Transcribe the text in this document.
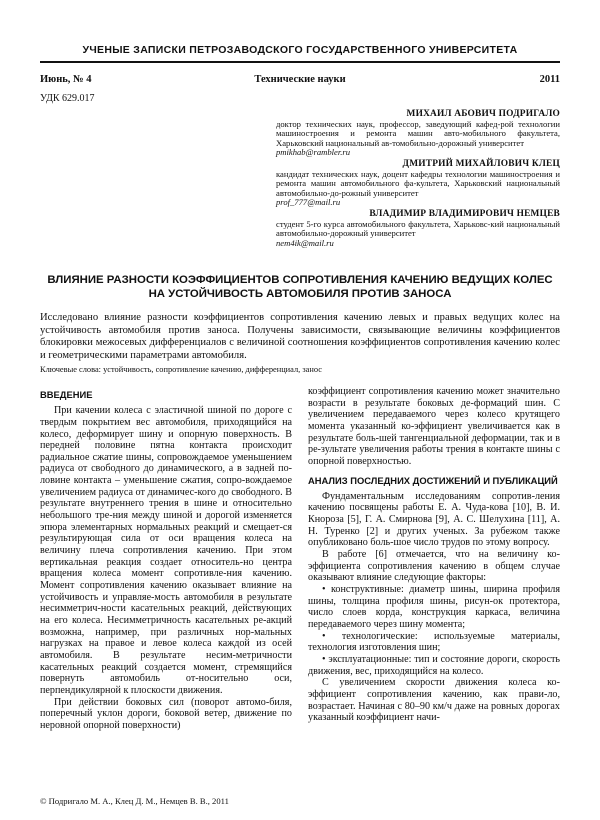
УЧЕНЫЕ ЗАПИСКИ ПЕТРОЗАВОДСКОГО ГОСУДАРСТВЕННОГО УНИВЕРСИТЕТА
Июнь, № 4	Технические науки	2011
УДК 629.017
МИХАИЛ АБОВИЧ ПОДРИГАЛО
доктор технических наук, профессор, заведующий кафед-рой технологии машиностроения и ремонта машин авто-мобильного факультета, Харьковский национальный ав-томобильно-дорожный университет
pmikhab@rambler.ru
ДМИТРИЙ МИХАЙЛОВИЧ КЛЕЦ
кандидат технических наук, доцент кафедры технологии машиностроения и ремонта машин автомобильного фа-культета, Харьковский национальный автомобильно-до-рожный университет
prof_777@mail.ru
ВЛАДИМИР ВЛАДИМИРОВИЧ НЕМЦЕВ
студент 5-го курса автомобильного факультета, Харьковс-кий национальный автомобильно-дорожный университет
nem4ik@mail.ru
ВЛИЯНИЕ РАЗНОСТИ КОЭФФИЦИЕНТОВ СОПРОТИВЛЕНИЯ КАЧЕНИЮ ВЕДУЩИХ КОЛЕС НА УСТОЙЧИВОСТЬ АВТОМОБИЛЯ ПРОТИВ ЗАНОСА
Исследовано влияние разности коэффициентов сопротивления качению левых и правых ведущих колес на устойчивость автомобиля против заноса. Получены зависимости, связывающие величины коэффициентов блокировки межосевых дифференциалов с величиной соотношения коэффициентов сопротивления качению колес и геометрическими параметрами автомобиля.
Ключевые слова: устойчивость, сопротивление качению, дифференциал, занос

ВВЕДЕНИЕ

При качении колеса с эластичной шиной по дороге с твердым покрытием вес автомобиля, приходящийся на колесо, деформирует шину и опорную поверхность. В передней половине пятна контакта происходит радиальное сжатие шины, сопровождаемое уменьшением радиуса от свободного до динамического, а в задней по-ловине контакта – уменьшение сжатия, сопро-вождаемое увеличением радиуса от динамичес-кого до свободного. В результате внутреннего трения в шине и относительно небольшого тре-ния между шиной и дорогой изменяется эпюра элементарных нормальных реакций и смещает-ся результирующая сила от оси вращения колеса на величину плеча сопротивления качению. При этом вертикальная реакция создает относитель-но центра вращения колеса момент сопротивле-ния качению. Момент сопротивления качению оказывает влияние на устойчивость и управляе-мость автомобиля в результате несимметрич-ности касательных реакций, действующих на его колеса. Несимметричность касательных ре-акций возможна, например, при различных нор-мальных нагрузках на правое и левое колеса каждой из осей автомобиля. В результате несим-метричности касательных реакций создается момент, стремящийся повернуть автомобиль от-носительно оси, перпендикулярной к плоскости движения.

При действии боковых сил (поворот автомо-биля, поперечный уклон дороги, боковой ветер, движение по неровной опорной поверхности)

коэффициент сопротивления качению может значительно возрасти в результате боковых де-формаций шин. С увеличением передаваемого через колесо крутящего момента указанный ко-эффициент увеличивается как в результате боль-шей тангенциальной деформации, так и в ре-зультате увеличения работы трения в контакте шины с опорной поверхностью.

АНАЛИЗ ПОСЛЕДНИХ ДОСТИЖЕНИЙ И ПУБЛИКАЦИЙ

Фундаментальным исследованиям сопротив-ления качению посвящены работы Е. А. Чуда-кова [10], В. И. Кнороза [5], Г. А. Смирнова [9], А. С. Шелухина [11], А. Н. Туренко [2] и других ученых. За рубежом также опубликовано боль-шое число трудов по этому вопросу.

В работе [6] отмечается, что на величину ко-эффициента сопротивления качению в общем случае оказывают влияние следующие факторы:

• конструктивные: диаметр шины, ширина профиля шины, толщина профиля шины, рисун-ок протектора, число слоев корда, конструкция каркаса, величина передаваемого через шину момента;

• технологические: используемые материалы, технология изготовления шин;

• эксплуатационные: тип и состояние дороги, скорость движения, вес, приходящийся на колесо.

С увеличением скорости движения колеса ко-эффициент сопротивления качению, как прави-ло, возрастает. Начиная с 80–90 км/ч даже на ровных дорогах указанный коэффициент начи-

© Подригало М. А., Клец Д. М., Немцев В. В., 2011
